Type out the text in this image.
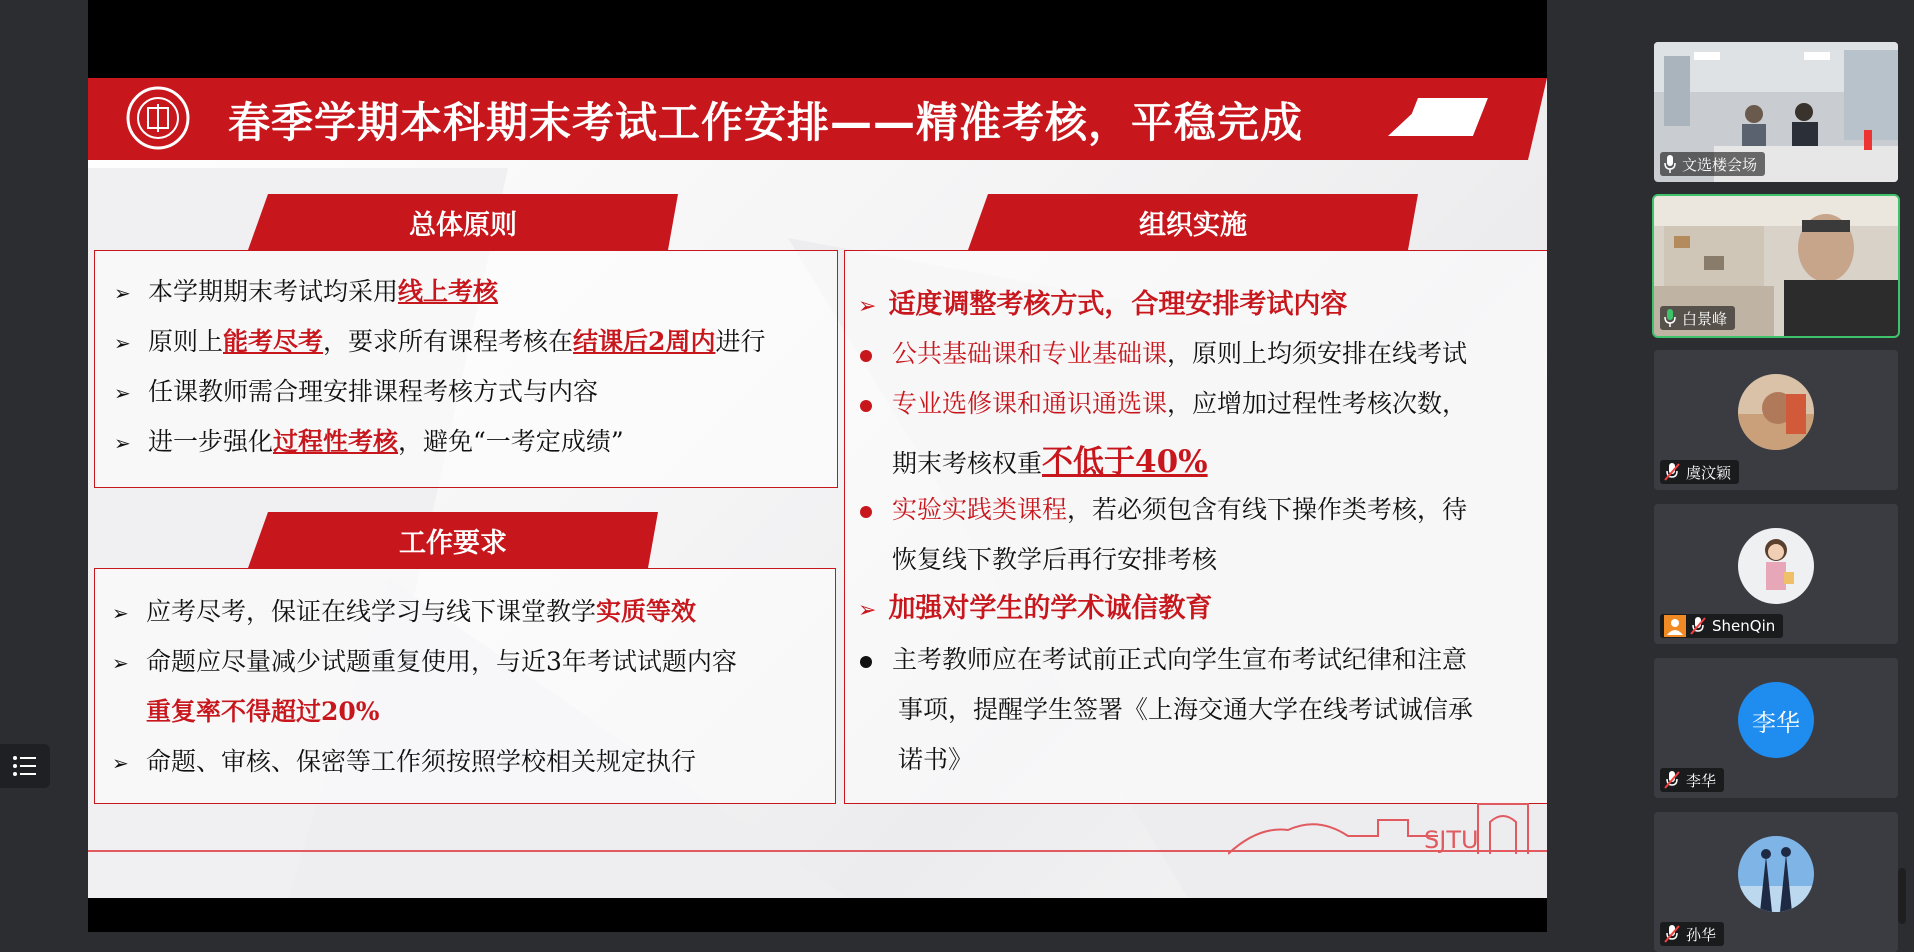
春季学期本科期末考试工作安排——精准考核，平稳完成
总体原则
➢ 本学期期末考试均采用线上考核
➢ 原则上能考尽考，要求所有课程考核在结课后2周内进行
➢ 任课教师需合理安排课程考核方式与内容
➢ 进一步强化过程性考核，避免“一考定成绩”
工作要求
➢ 应考尽考，保证在线学习与线下课堂教学实质等效
➢ 命题应尽量减少试题重复使用，与近3年考试试题内容
重复率不得超过20%
➢ 命题、审核、保密等工作须按照学校相关规定执行
组织实施
➢ 适度调整考核方式，合理安排考试内容
公共基础课和专业基础课，原则上均须安排在线考试
专业选修课和通识通选课，应增加过程性考核次数，
期末考核权重不低于40%
实验实践类课程，若必须包含有线下操作类考核，待
恢复线下教学后再行安排考核
➢ 加强对学生的学术诚信教育
主考教师应在考试前正式向学生宣布考试纪律和注意
事项，提醒学生签署《上海交通大学在线考试诚信承
诺书》
SJTU
文选楼会场
白景峰
虞汶颖
ShenQin
李华
李华
孙华
